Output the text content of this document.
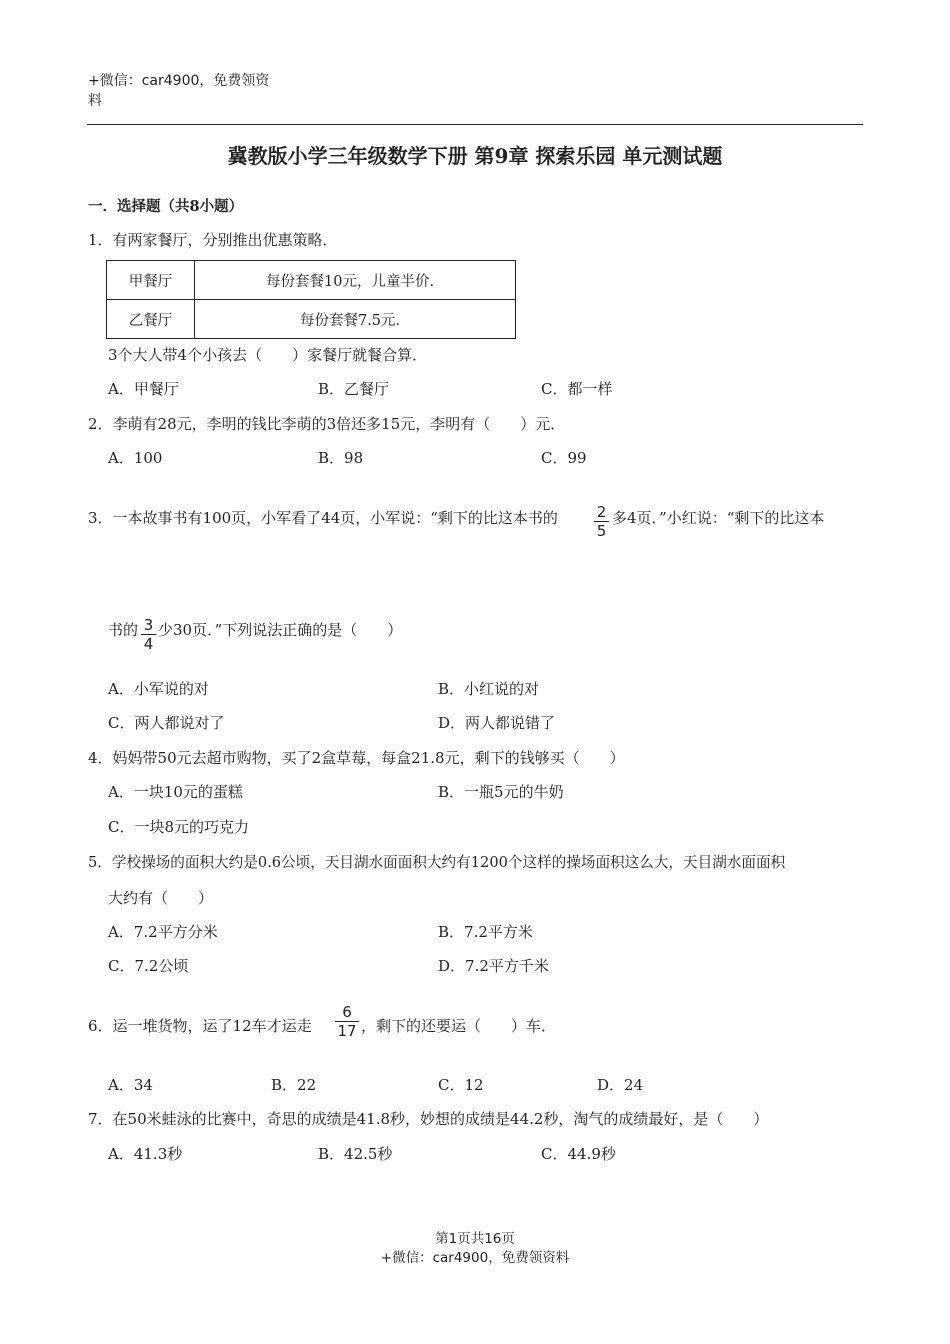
+微信：car4900，免费领资
料
冀教版小学三年级数学下册 第9章 探索乐园 单元测试题
一．选择题（共8小题）
1．有两家餐厅，分别推出优惠策略．
甲餐厅	每份套餐10元，儿童半价．
乙餐厅	每份套餐7.5元．
3个大人带4个小孩去（　　）家餐厅就餐合算．
A．甲餐厅	B．乙餐厅	C．都一样
2．李萌有28元，李明的钱比李萌的3倍还多15元，李明有（　　）元．
A．100	B．98	C．99
3．一本故事书有100页，小军看了44页，小军说：“剩下的比这本书的	2
5
多4页．”小红说：“剩下的比这本
书的 3
4
少30页．”下列说法正确的是（　　）
A．小军说的对	B．小红说的对
C．两人都说对了	D．两人都说错了
4．妈妈带50元去超市购物，买了2盒草莓，每盒21.8元，剩下的钱够买（　　）
A．一块10元的蛋糕	B．一瓶5元的牛奶
C．一块8元的巧克力
5．学校操场的面积大约是0.6公顷，天目湖水面面积大约有1200个这样的操场面积这么大，天目湖水面面积
大约有（　　）
A．7.2平方分米	B．7.2平方米
C．7.2公顷	D．7.2平方千米
6．运一堆货物，运了12车才运走
6
17 ，剩下的还要运（　　）车．
A．34	B．22	C．12	D．24
7．在50米蛙泳的比赛中，奇思的成绩是41.8秒，妙想的成绩是44.2秒，淘气的成绩最好，是（　　）
A．41.3秒	B．42.5秒	C．44.9秒
第1页共16页
+微信：car4900，免费领资料
